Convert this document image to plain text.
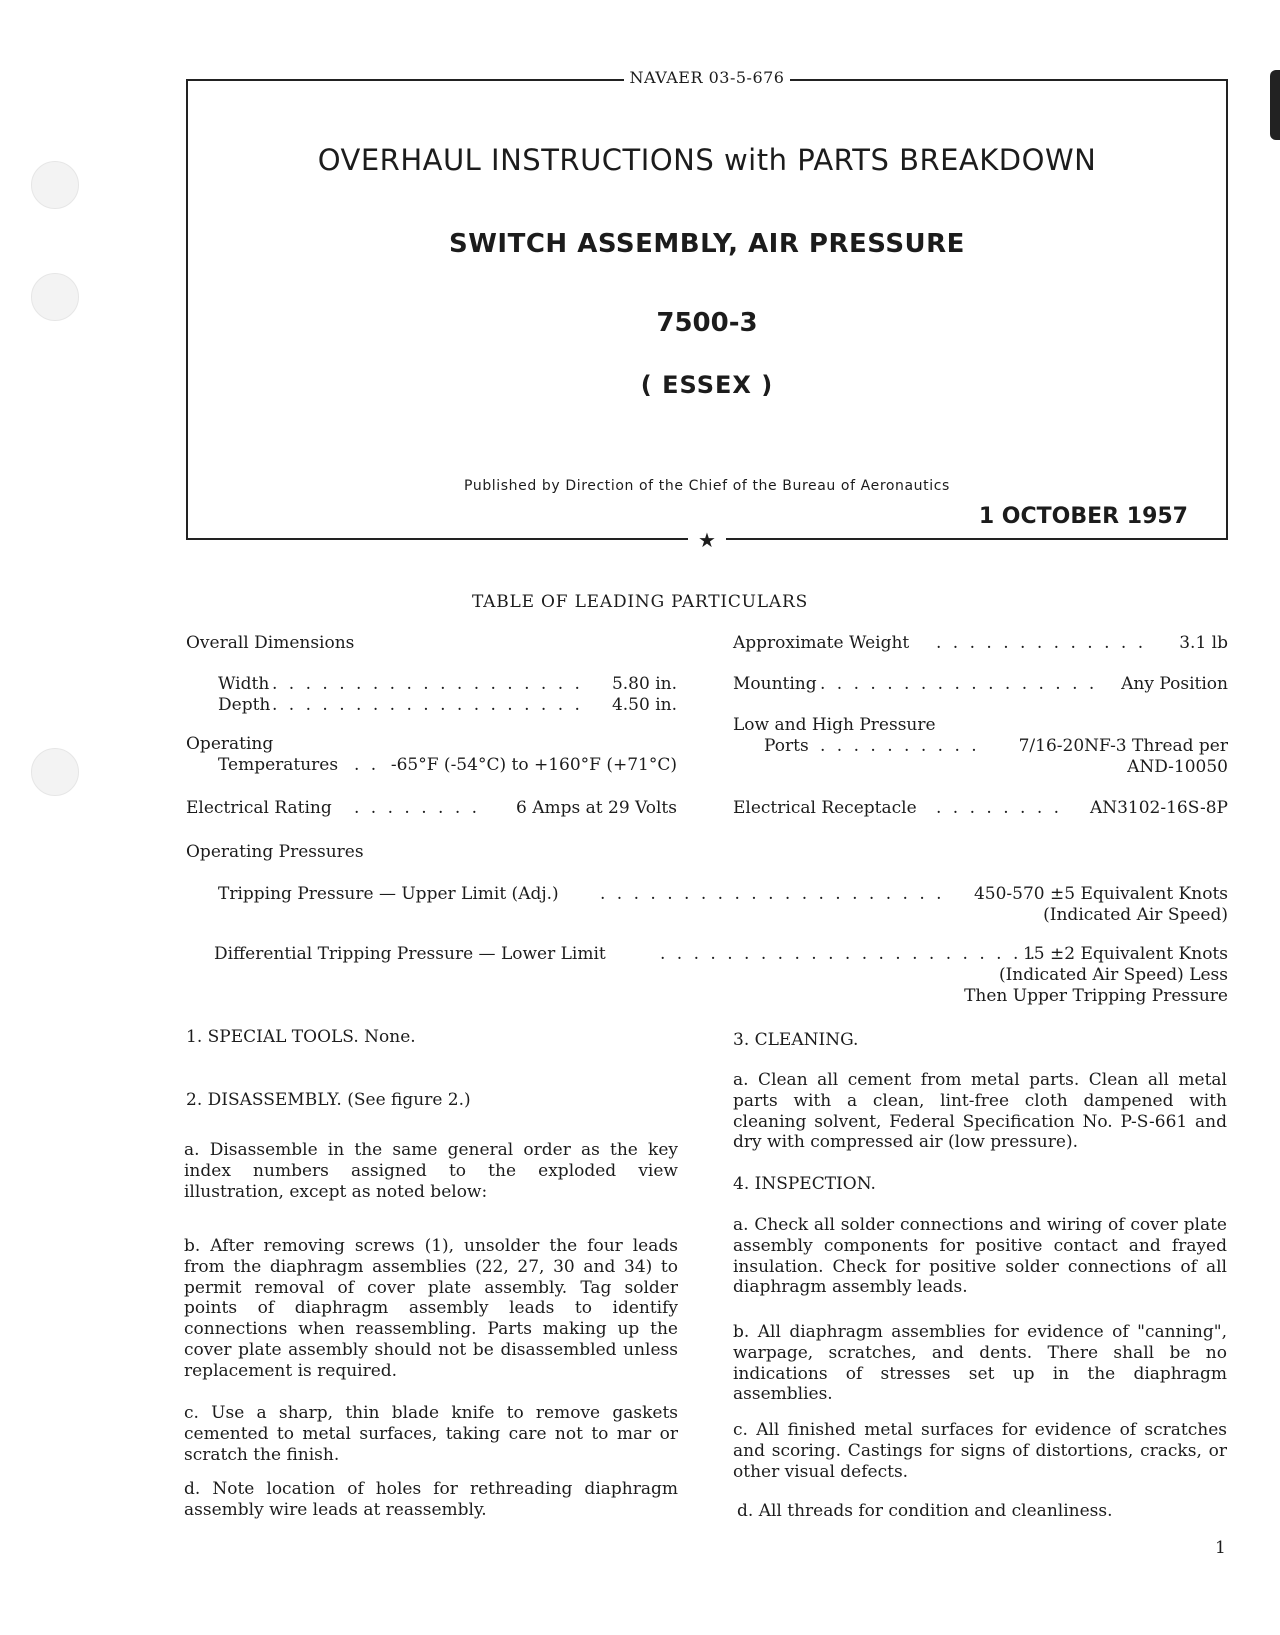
NAVAER 03-5-676
OVERHAUL INSTRUCTIONS with PARTS BREAKDOWN
SWITCH ASSEMBLY, AIR PRESSURE
7500-3
( ESSEX )
Published by Direction of the Chief of the Bureau of Aeronautics
1 OCTOBER 1957
★
TABLE OF LEADING PARTICULARS
Overall Dimensions
Width . . . . . . . . . . . . . . . . . . . 5.80 in.
Depth . . . . . . . . . . . . . . . . . . . 4.50 in.
Operating
Temperatures . . -65°F (-54°C) to +160°F (+71°C)
Electrical Rating . . . . . . . . 6 Amps at 29 Volts
Approximate Weight . . . . . . . . . . . . . 3.1 lb
Mounting . . . . . . . . . . . . . . . . . Any Position
Low and High Pressure
Ports . . . . . . . . . . 7/16-20NF-3 Thread per
AND-10050
Electrical Receptacle . . . . . . . . AN3102-16S-8P
Operating Pressures
Tripping Pressure — Upper Limit (Adj.) . . . . . . . . . . . . . . . . . . . . . 450-570 ±5 Equivalent Knots
(Indicated Air Speed)
Differential Tripping Pressure — Lower Limit	. . . . . . . . . . . . . . . . . . . . . . .
15 ±2 Equivalent Knots
(Indicated Air Speed) Less
Then Upper Tripping Pressure
1. SPECIAL TOOLS. None.
2. DISASSEMBLY. (See figure 2.)

a. Disassemble in the same general order as the key index numbers assigned to the exploded view illustration, except as noted below:

b. After removing screws (1), unsolder the four leads from the diaphragm assemblies (22, 27, 30 and 34) to permit removal of cover plate assembly. Tag solder points of diaphragm assembly leads to identify connections when reassembling. Parts making up the cover plate assembly should not be disassembled unless replacement is required.

c. Use a sharp, thin blade knife to remove gaskets cemented to metal surfaces, taking care not to mar or scratch the finish.

d. Note location of holes for rethreading diaphragm assembly wire leads at reassembly.

3. CLEANING.

a. Clean all cement from metal parts. Clean all metal parts with a clean, lint-free cloth dampened with cleaning solvent, Federal Specification No. P-S-661 and dry with compressed air (low pressure).

4. INSPECTION.

a. Check all solder connections and wiring of cover plate assembly components for positive contact and frayed insulation. Check for positive solder connections of all diaphragm assembly leads.

b. All diaphragm assemblies for evidence of "canning", warpage, scratches, and dents. There shall be no indications of stresses set up in the diaphragm assemblies.

c. All finished metal surfaces for evidence of scratches and scoring. Castings for signs of distortions, cracks, or other visual defects.

d. All threads for condition and cleanliness.
1
